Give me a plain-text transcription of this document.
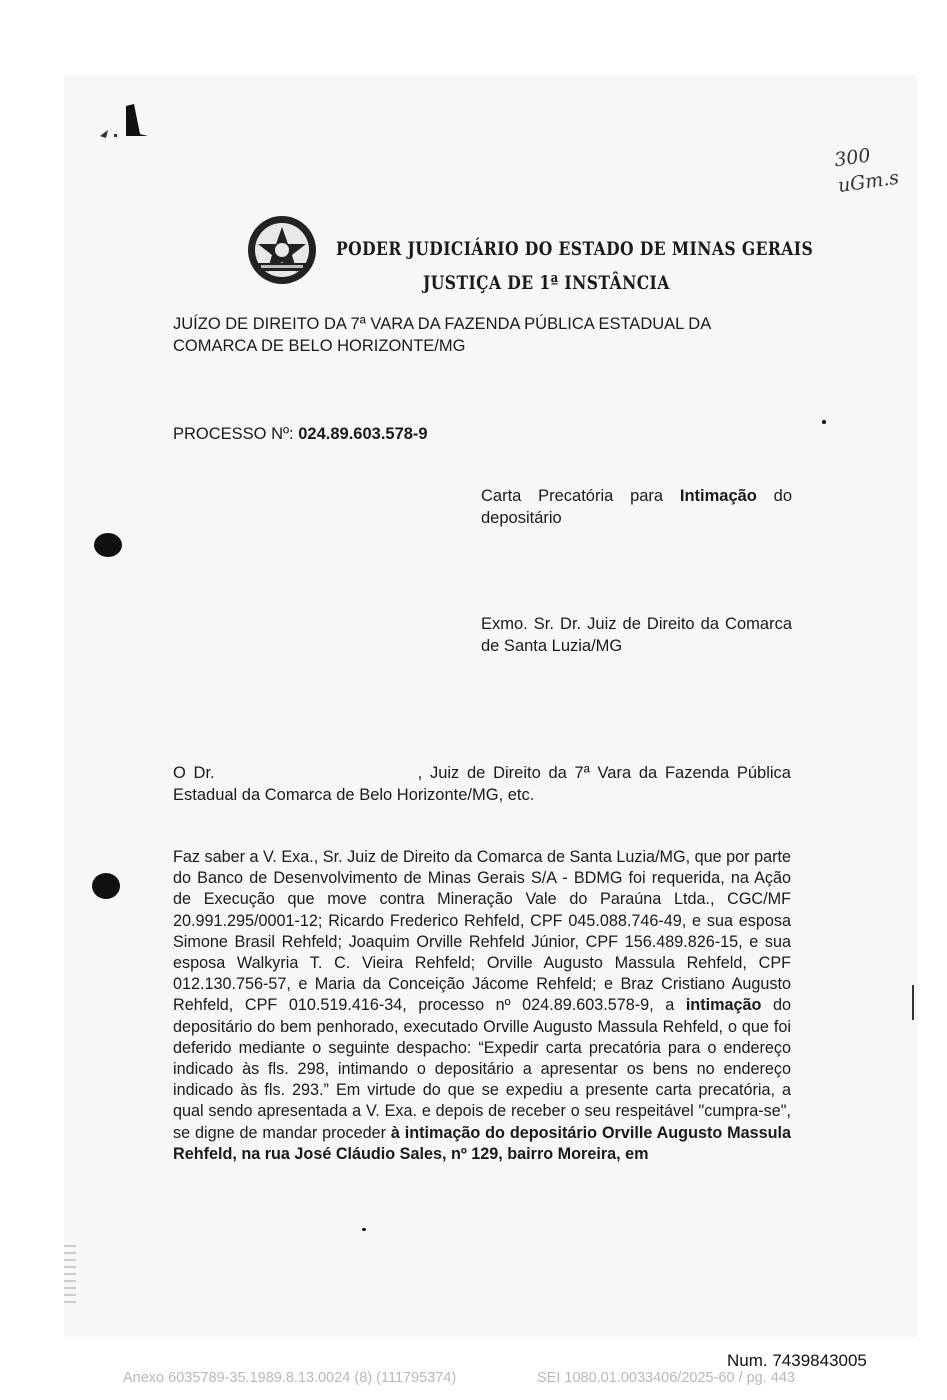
300
uGm.s
PODER JUDICIÁRIO DO ESTADO DE MINAS GERAIS
JUSTIÇA DE 1ª INSTÂNCIA
JUÍZO DE DIREITO DA 7ª VARA DA FAZENDA PÚBLICA ESTADUAL DA COMARCA DE BELO HORIZONTE/MG
PROCESSO Nº: 024.89.603.578-9
Carta Precatória para Intimação do depositário
Exmo. Sr. Dr. Juiz de Direito da Comarca de Santa Luzia/MG
O Dr.	, Juiz de Direito da 7ª Vara da Fazenda Pública Estadual da Comarca de Belo Horizonte/MG, etc.
Faz saber a V. Exa., Sr. Juiz de Direito da Comarca de Santa Luzia/MG, que por parte do Banco de Desenvolvimento de Minas Gerais S/A - BDMG foi requerida, na Ação de Execução que move contra Mineração Vale do Paraúna Ltda., CGC/MF 20.991.295/0001-12; Ricardo Frederico Rehfeld, CPF 045.088.746-49, e sua esposa Simone Brasil Rehfeld; Joaquim Orville Rehfeld Júnior, CPF 156.489.826-15, e sua esposa Walkyria T. C. Vieira Rehfeld; Orville Augusto Massula Rehfeld, CPF 012.130.756-57, e Maria da Conceição Jácome Rehfeld; e Braz Cristiano Augusto Rehfeld, CPF 010.519.416-34, processo nº 024.89.603.578-9, a intimação do depositário do bem penhorado, executado Orville Augusto Massula Rehfeld, o que foi deferido mediante o seguinte despacho: “Expedir carta precatória para o endereço indicado às fls. 298, intimando o depositário a apresentar os bens no endereço indicado às fls. 293.” Em virtude do que se expediu a presente carta precatória, a qual sendo apresentada a V. Exa. e depois de receber o seu respeitável "cumpra-se", se digne de mandar proceder à intimação do depositário Orville Augusto Massula Rehfeld, na rua José Cláudio Sales, nº 129, bairro Moreira, em
Num. 7439843005
Anexo 6035789-35.1989.8.13.0024 (8) (111795374)	SEI 1080.01.0033406/2025-60 / pg. 443
